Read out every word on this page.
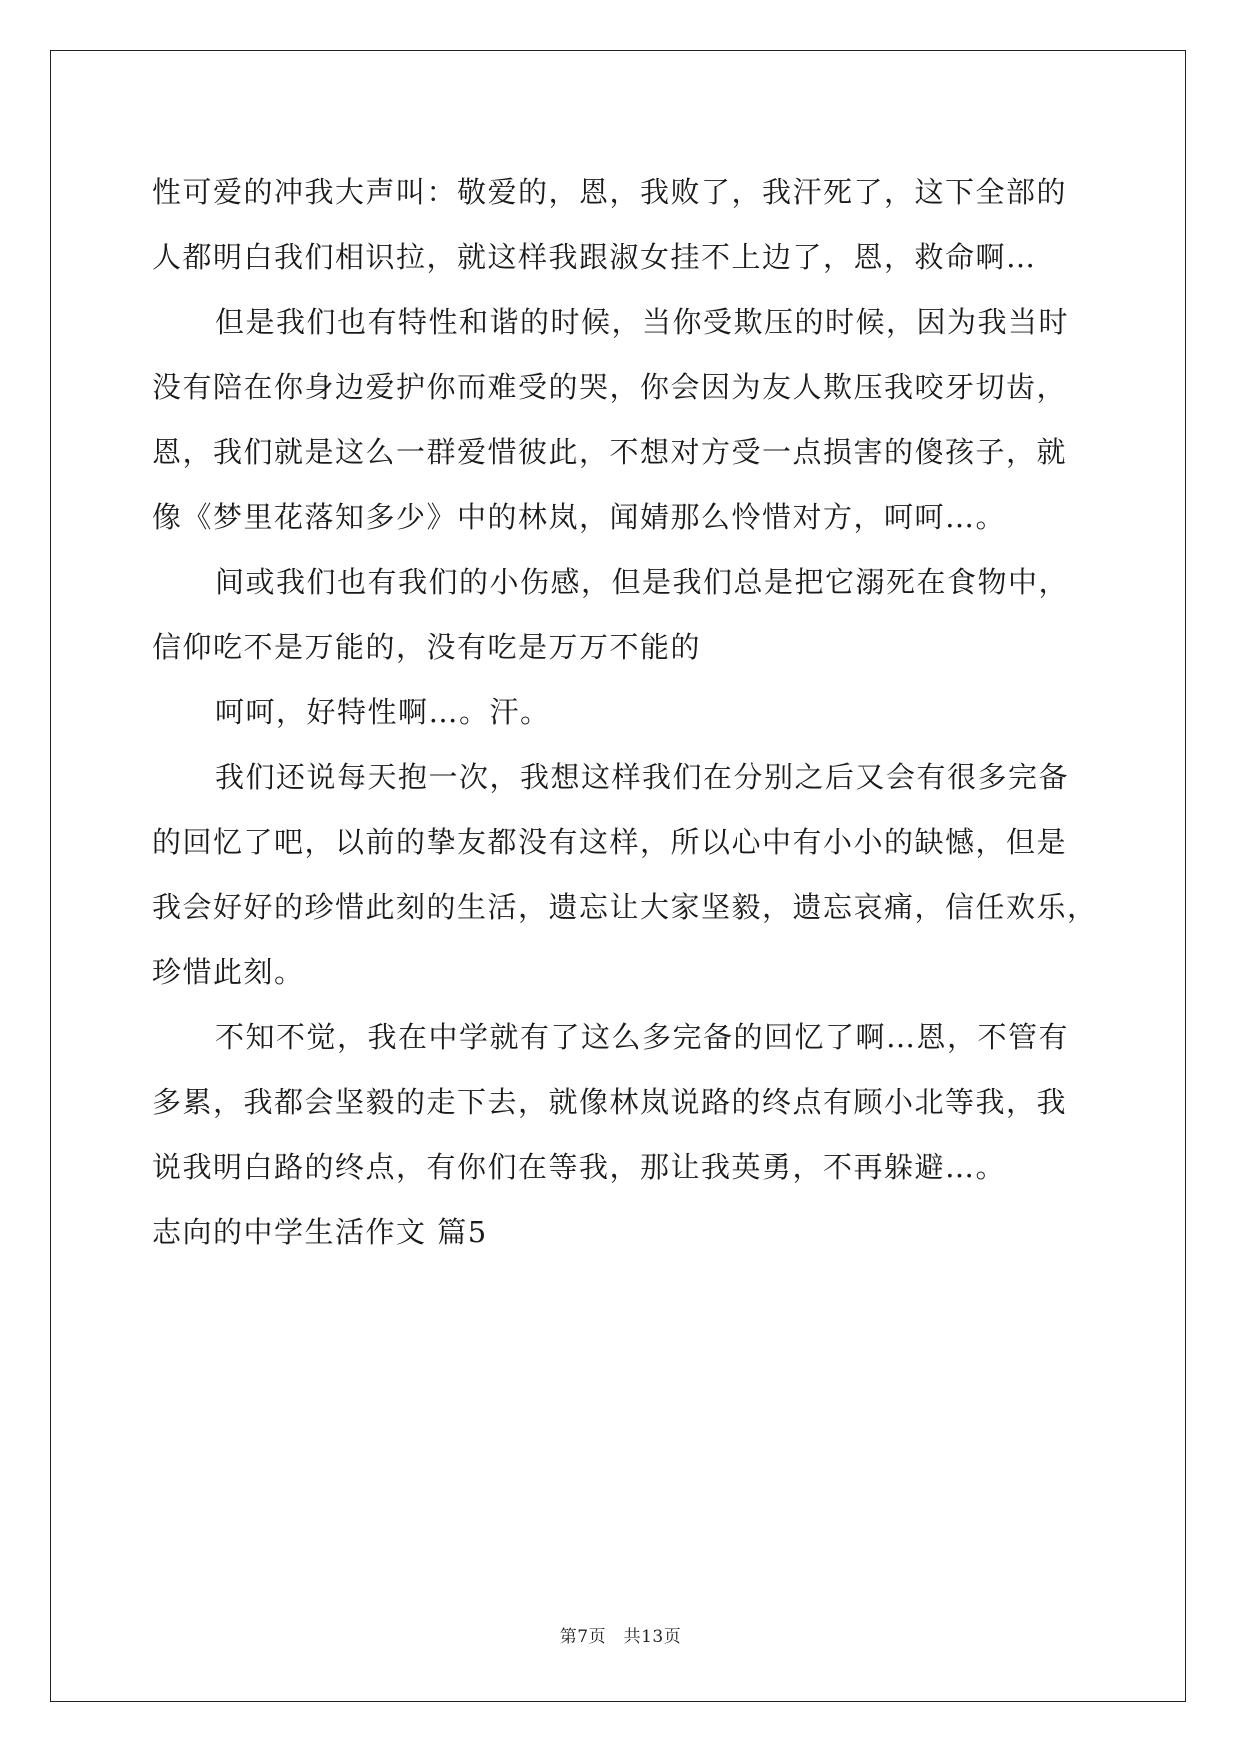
性可爱的冲我大声叫：敬爱的，恩，我败了，我汗死了，这下全部的
人都明白我们相识拉，就这样我跟淑女挂不上边了，恩，救命啊…
但是我们也有特性和谐的时候，当你受欺压的时候，因为我当时
没有陪在你身边爱护你而难受的哭，你会因为友人欺压我咬牙切齿，
恩，我们就是这么一群爱惜彼此，不想对方受一点损害的傻孩子，就
像《梦里花落知多少》中的林岚，闻婧那么怜惜对方，呵呵…。
间或我们也有我们的小伤感，但是我们总是把它溺死在食物中，
信仰吃不是万能的，没有吃是万万不能的
呵呵，好特性啊…。汗。
我们还说每天抱一次，我想这样我们在分别之后又会有很多完备
的回忆了吧，以前的挚友都没有这样，所以心中有小小的缺憾，但是
我会好好的珍惜此刻的生活，遗忘让大家坚毅，遗忘哀痛，信任欢乐，
珍惜此刻。
不知不觉，我在中学就有了这么多完备的回忆了啊…恩，不管有
多累，我都会坚毅的走下去，就像林岚说路的终点有顾小北等我，我
说我明白路的终点，有你们在等我，那让我英勇，不再躲避…。
志向的中学生活作文 篇5
第7页　共13页
